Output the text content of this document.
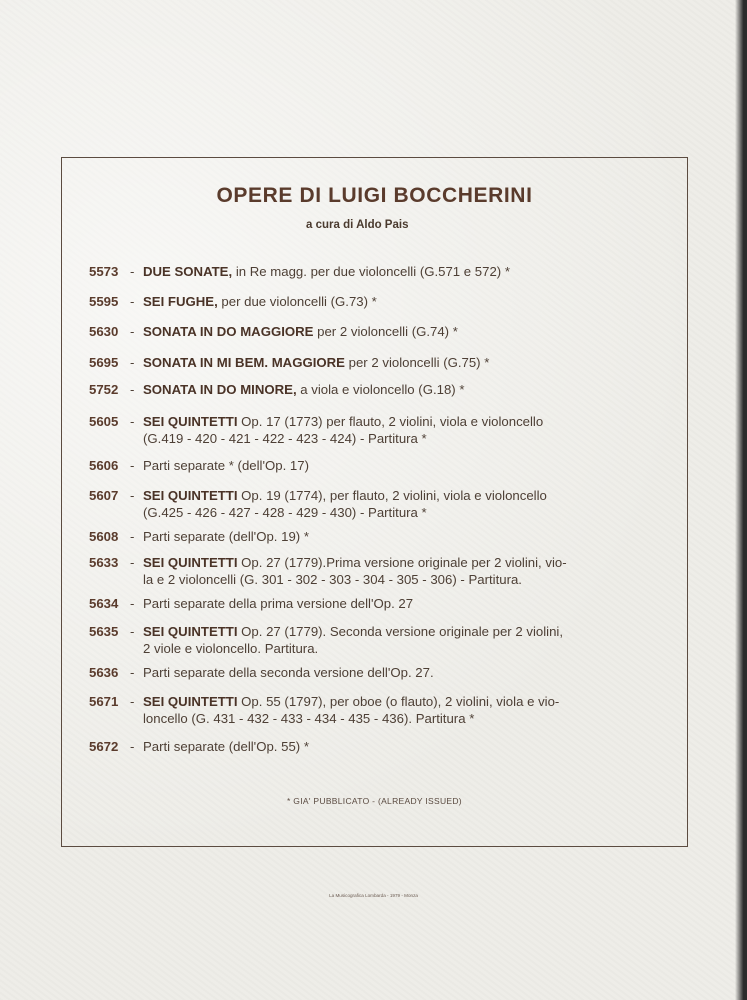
OPERE DI LUIGI BOCCHERINI
a cura di Aldo Pais
5573 - DUE SONATE, in Re magg. per due violoncelli (G.571 e 572) *
5595 - SEI FUGHE, per due violoncelli (G.73) *
5630 - SONATA IN DO MAGGIORE per 2 violoncelli (G.74) *
5695 - SONATA IN MI BEM. MAGGIORE per 2 violoncelli (G.75) *
5752 - SONATA IN DO MINORE, a viola e violoncello (G.18) *
5605 - SEI QUINTETTI Op. 17 (1773) per flauto, 2 violini, viola e violoncello
(G.419 - 420 - 421 - 422 - 423 - 424) - Partitura *
5606 - Parti separate * (dell'Op. 17)
5607 - SEI QUINTETTI Op. 19 (1774), per flauto, 2 violini, viola e violoncello
(G.425 - 426 - 427 - 428 - 429 - 430) - Partitura *
5608 - Parti separate (dell'Op. 19) *
5633 - SEI QUINTETTI Op. 27 (1779).Prima versione originale per 2 violini, vio-
la e 2 violoncelli (G. 301 - 302 - 303 - 304 - 305 - 306) - Partitura.
5634 - Parti separate della prima versione dell'Op. 27
5635 - SEI QUINTETTI Op. 27 (1779). Seconda versione originale per 2 violini,
2 viole e violoncello. Partitura.
5636 - Parti separate della seconda versione dell'Op. 27.
5671 - SEI QUINTETTI Op. 55 (1797), per oboe (o flauto), 2 violini, viola e vio-
loncello (G. 431 - 432 - 433 - 434 - 435 - 436). Partitura *
5672 - Parti separate (dell'Op. 55) *
* GIA' PUBBLICATO - (ALREADY ISSUED)
La Musicografica Lombarda - 1979 - Monza
